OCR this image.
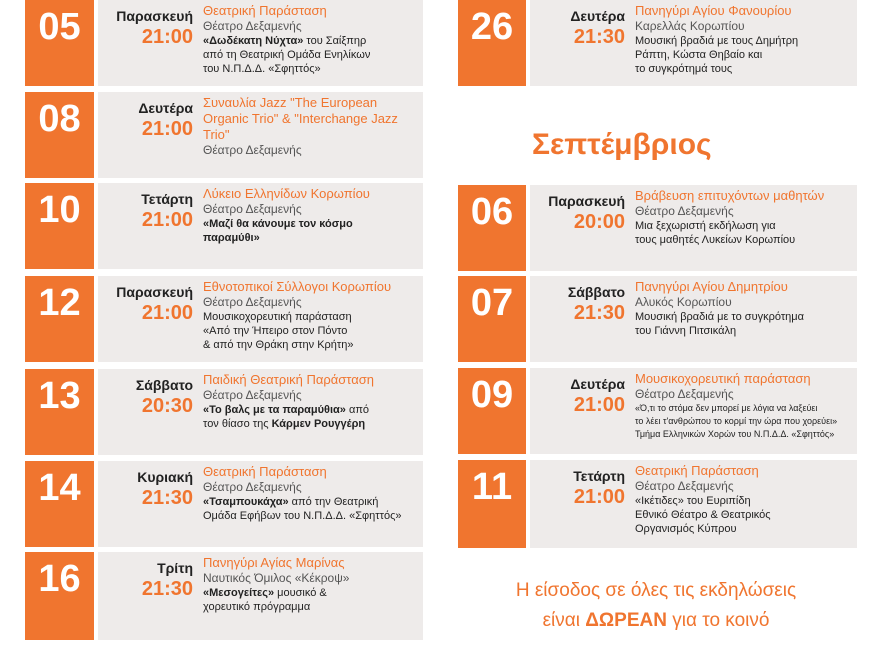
05	Παρασκευή
21:00
Θεατρική Παράσταση
Θέατρο Δεξαμενής
«Δωδέκατη Νύχτα» του Σαίξπηρ
από τη Θεατρική Ομάδα Ενηλίκων
του Ν.Π.Δ.Δ. «Σφηττός»
08	Δευτέρα
21:00
Συναυλία Jazz "The European Organic Trio" & "Interchange Jazz Trio"
Θέατρο Δεξαμενής
10	Τετάρτη
21:00
Λύκειο Ελληνίδων Κορωπίου
Θέατρο Δεξαμενής
«Μαζί θα κάνουμε τον κόσμο
παραμύθι»
12	Παρασκευή
21:00
Εθνοτοπικοί Σύλλογοι Κορωπίου
Θέατρο Δεξαμενής
Μουσικοχορευτική παράσταση
«Από την Ήπειρο στον Πόντο
& από την Θράκη στην Κρήτη»
13	Σάββατο
20:30
Παιδική Θεατρική Παράσταση
Θέατρο Δεξαμενής
«Το βαλς με τα παραμύθια» από
τον θίασο της Κάρμεν Ρουγγέρη
14	Κυριακή
21:30
Θεατρική Παράσταση
Θέατρο Δεξαμενής
«Τσαμπουκάχα» από την Θεατρική
Ομάδα Εφήβων του Ν.Π.Δ.Δ. «Σφηττός»
16	Τρίτη
21:30
Πανηγύρι Αγίας Μαρίνας
Ναυτικός Όμιλος «Κέκροψ»
«Μεσογείτες» μουσικό &
χορευτικό πρόγραμμα
26	Δευτέρα
21:30
Πανηγύρι Αγίου Φανουρίου
Καρελλάς Κορωπίου
Μουσική βραδιά με τους Δημήτρη
Ράπτη, Κώστα Θηβαίο και
το συγκρότημά τους
06	Παρασκευή
20:00
Βράβευση επιτυχόντων μαθητών
Θέατρο Δεξαμενής
Μια ξεχωριστή εκδήλωση για
τους μαθητές Λυκείων Κορωπίου
07	Σάββατο
21:30
Πανηγύρι Αγίου Δημητρίου
Αλυκός Κορωπίου
Μουσική βραδιά με το συγκρότημα
του Γιάννη Πιτσικάλη
09	Δευτέρα
21:00
Μουσικοχορευτική παράσταση
Θέατρο Δεξαμενής
«Ό,τι το στόμα δεν μπορεί με λόγια να λαξεύει
το λέει τ'ανθρώπου το κορμί την ώρα που χορεύει»
Τμήμα Ελληνικών Χορών του Ν.Π.Δ.Δ. «Σφηττός»
11	Τετάρτη
21:00
Θεατρική Παράσταση
Θέατρο Δεξαμενής
«Ικέτιδες» του Ευριπίδη
Εθνικό Θέατρο & Θεατρικός
Οργανισμός Κύπρου
Σεπτέμβριος
Η είσοδος σε όλες τις εκδηλώσεις
είναι ΔΩΡΕΑΝ για το κοινό
